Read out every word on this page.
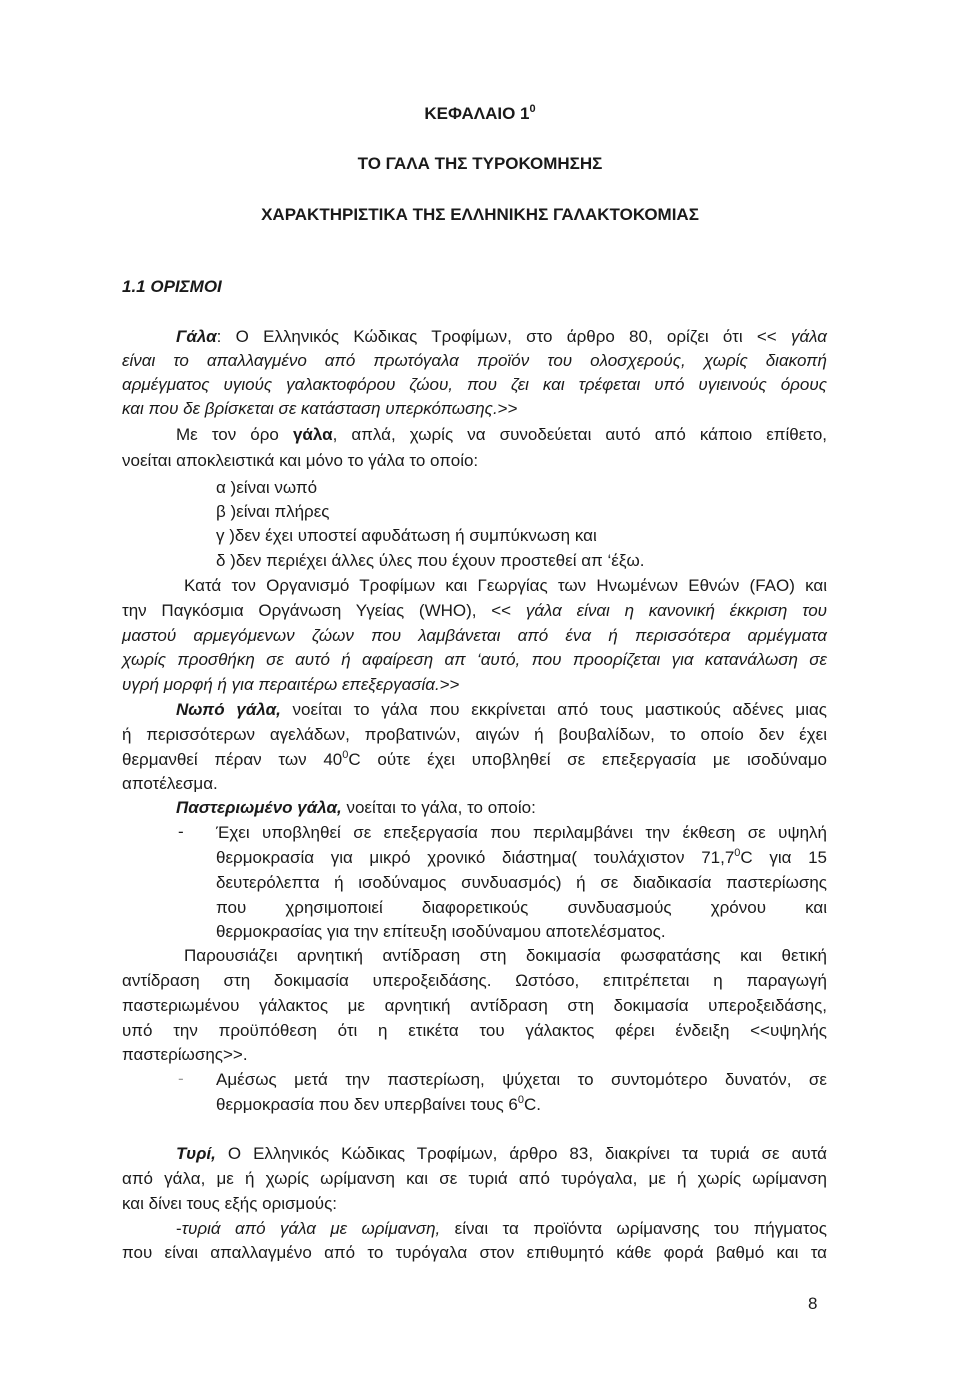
ΚΕΦΑΛΑΙΟ $1^0$
ΤΟ ΓΑΛΑ ΤΗΣ ΤΥΡΟΚΟΜΗΣΗΣ
ΧΑΡΑΚΤΗΡΙΣΤΙΚΑ ΤΗΣ ΕΛΛΗΝΙΚΗΣ ΓΑΛΑΚΤΟΚΟΜΙΑΣ
1.1 ΟΡΙΣΜΟΙ
Γάλα: Ο Ελληνικός Κώδικας Τροφίμων, στο άρθρο 80, ορίζει ότι << γάλα
είναι το απαλλαγμένο από πρωτόγαλα προϊόν του ολοσχερούς, χωρίς διακοπή
αρμέγματος υγιούς γαλακτοφόρου ζώου, που ζει και τρέφεται υπό υγιεινούς όρους
και που δε βρίσκεται σε κατάσταση υπερκόπωσης.>>
Με τον όρο γάλα, απλά, χωρίς να συνοδεύεται αυτό από κάποιο επίθετο,
νοείται αποκλειστικά και μόνο το γάλα το οποίο:
α )είναι νωπό
β )είναι πλήρες
γ )δεν έχει υποστεί αφυδάτωση ή συμπύκνωση και
δ )δεν περιέχει άλλες ύλες που έχουν προστεθεί απ ‘έξω.
Κατά τον Οργανισμό Τροφίμων και Γεωργίας των Ηνωμένων Εθνών (FAO) και
την Παγκόσμια Οργάνωση Υγείας (WHO), << γάλα είναι η κανονική έκκριση του
μαστού αρμεγόμενων ζώων που λαμβάνεται από ένα ή περισσότερα αρμέγματα
χωρίς προσθήκη σε αυτό ή αφαίρεση απ ‘αυτό, που προορίζεται για κατανάλωση σε
υγρή μορφή ή για περαιτέρω επεξεργασία.>>
Νωπό γάλα, νοείται το γάλα που εκκρίνεται από τους μαστικούς αδένες μιας
ή περισσότερων αγελάδων, προβατινών, αιγών ή βουβαλίδων, το οποίο δεν έχει
θερμανθεί πέραν των $40^0C$ ούτε έχει υποβληθεί σε επεξεργασία με ισοδύναμο
αποτέλεσμα.
Παστεριωμένο γάλα, νοείται το γάλα, το οποίο:
- Έχει υποβληθεί σε επεξεργασία που περιλαμβάνει την έκθεση σε υψηλή
θερμοκρασία για μικρό χρονικό διάστημα( τουλάχιστον 71,7$^0$C για 15
δευτερόλεπτα ή ισοδύναμος συνδυασμός) ή σε διαδικασία παστερίωσης
που χρησιμοποιεί διαφορετικούς συνδυασμούς χρόνου και
θερμοκρασίας για την επίτευξη ισοδύναμου αποτελέσματος.
Παρουσιάζει αρνητική αντίδραση στη δοκιμασία φωσφατάσης και θετική
αντίδραση στη δοκιμασία υπεροξειδάσης. Ωστόσο, επιτρέπεται η παραγωγή
παστεριωμένου γάλακτος με αρνητική αντίδραση στη δοκιμασία υπεροξειδάσης,
υπό την προϋπόθεση ότι η ετικέτα του γάλακτος φέρει ένδειξη <<υψηλής
παστερίωσης>>.
- Αμέσως μετά την παστερίωση, ψύχεται το συντομότερο δυνατόν, σε
θερμοκρασία που δεν υπερβαίνει τους $6^0C$.
Τυρί, Ο Ελληνικός Κώδικας Τροφίμων, άρθρο 83, διακρίνει τα τυριά σε αυτά
από γάλα, με ή χωρίς ωρίμανση και σε τυριά από τυρόγαλα, με ή χωρίς ωρίμανση
και δίνει τους εξής ορισμούς:
-τυριά από γάλα με ωρίμανση, είναι τα προϊόντα ωρίμανσης του πήγματος
που είναι απαλλαγμένο από το τυρόγαλα στον επιθυμητό κάθε φορά βαθμό και τα
8
